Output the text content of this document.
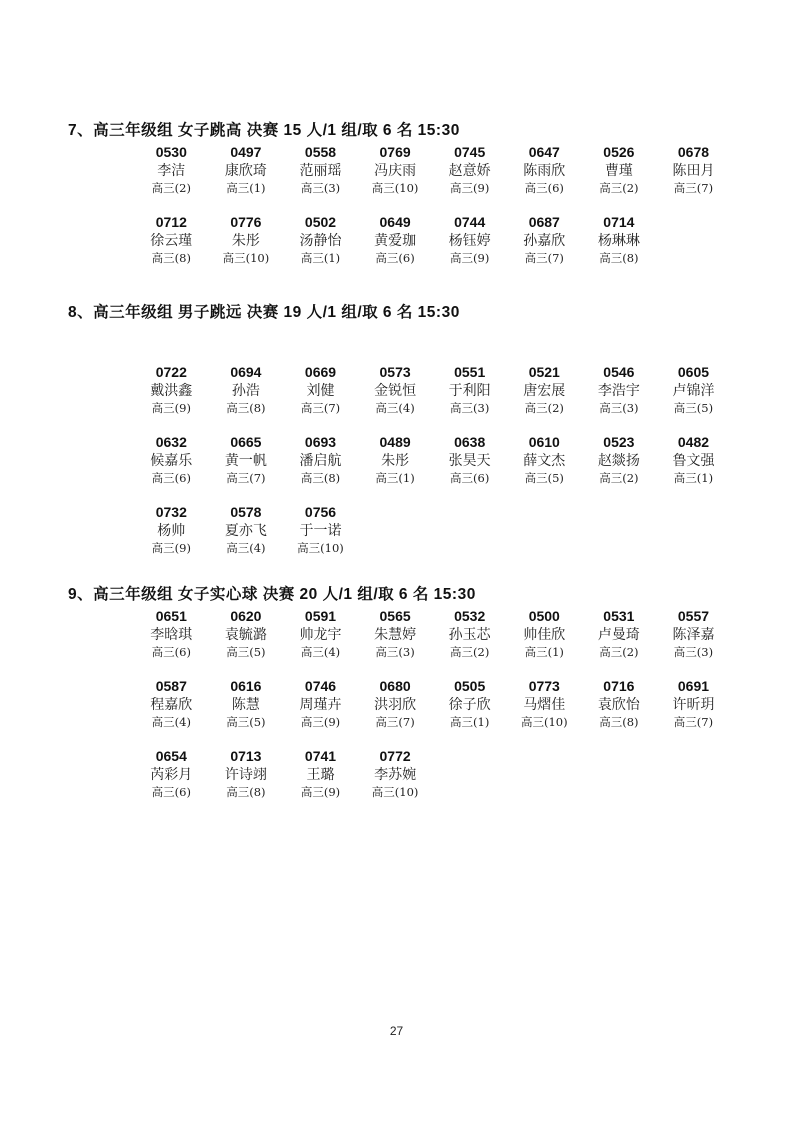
7、高三年级组 女子跳高 决赛 15 人/1 组/取 6 名 15:30
0530
李洁
高三(2)
0497
康欣琦
高三(1)
0558
范丽瑶
高三(3)
0769
冯庆雨
高三(10)
0745
赵意娇
高三(9)
0647
陈雨欣
高三(6)
0526
曹瑾
高三(2)
0678
陈田月
高三(7)
0712
徐云瑾
高三(8)
0776
朱彤
高三(10)
0502
汤静怡
高三(1)
0649
黄爱珈
高三(6)
0744
杨钰婷
高三(9)
0687
孙嘉欣
高三(7)
0714
杨琳琳
高三(8)
8、高三年级组 男子跳远 决赛 19 人/1 组/取 6 名 15:30
0722
戴洪鑫
高三(9)
0694
孙浩
高三(8)
0669
刘健
高三(7)
0573
金锐恒
高三(4)
0551
于利阳
高三(3)
0521
唐宏展
高三(2)
0546
李浩宇
高三(3)
0605
卢锦洋
高三(5)
0632
候嘉乐
高三(6)
0665
黄一帆
高三(7)
0693
潘启航
高三(8)
0489
朱彤
高三(1)
0638
张昊天
高三(6)
0610
薛文杰
高三(5)
0523
赵燚扬
高三(2)
0482
鲁文强
高三(1)
0732
杨帅
高三(9)
0578
夏亦飞
高三(4)
0756
于一诺
高三(10)
9、高三年级组 女子实心球 决赛 20 人/1 组/取 6 名 15:30
0651
李晗琪
高三(6)
0620
袁毓潞
高三(5)
0591
帅龙宇
高三(4)
0565
朱慧婷
高三(3)
0532
孙玉芯
高三(2)
0500
帅佳欣
高三(1)
0531
卢曼琦
高三(2)
0557
陈泽嘉
高三(3)
0587
程嘉欣
高三(4)
0616
陈慧
高三(5)
0746
周瑾卉
高三(9)
0680
洪羽欣
高三(7)
0505
徐子欣
高三(1)
0773
马熠佳
高三(10)
0716
袁欣怡
高三(8)
0691
许昕玥
高三(7)
0654
芮彩月
高三(6)
0713
许诗翊
高三(8)
0741
王璐
高三(9)
0772
李苏婉
高三(10)
27
